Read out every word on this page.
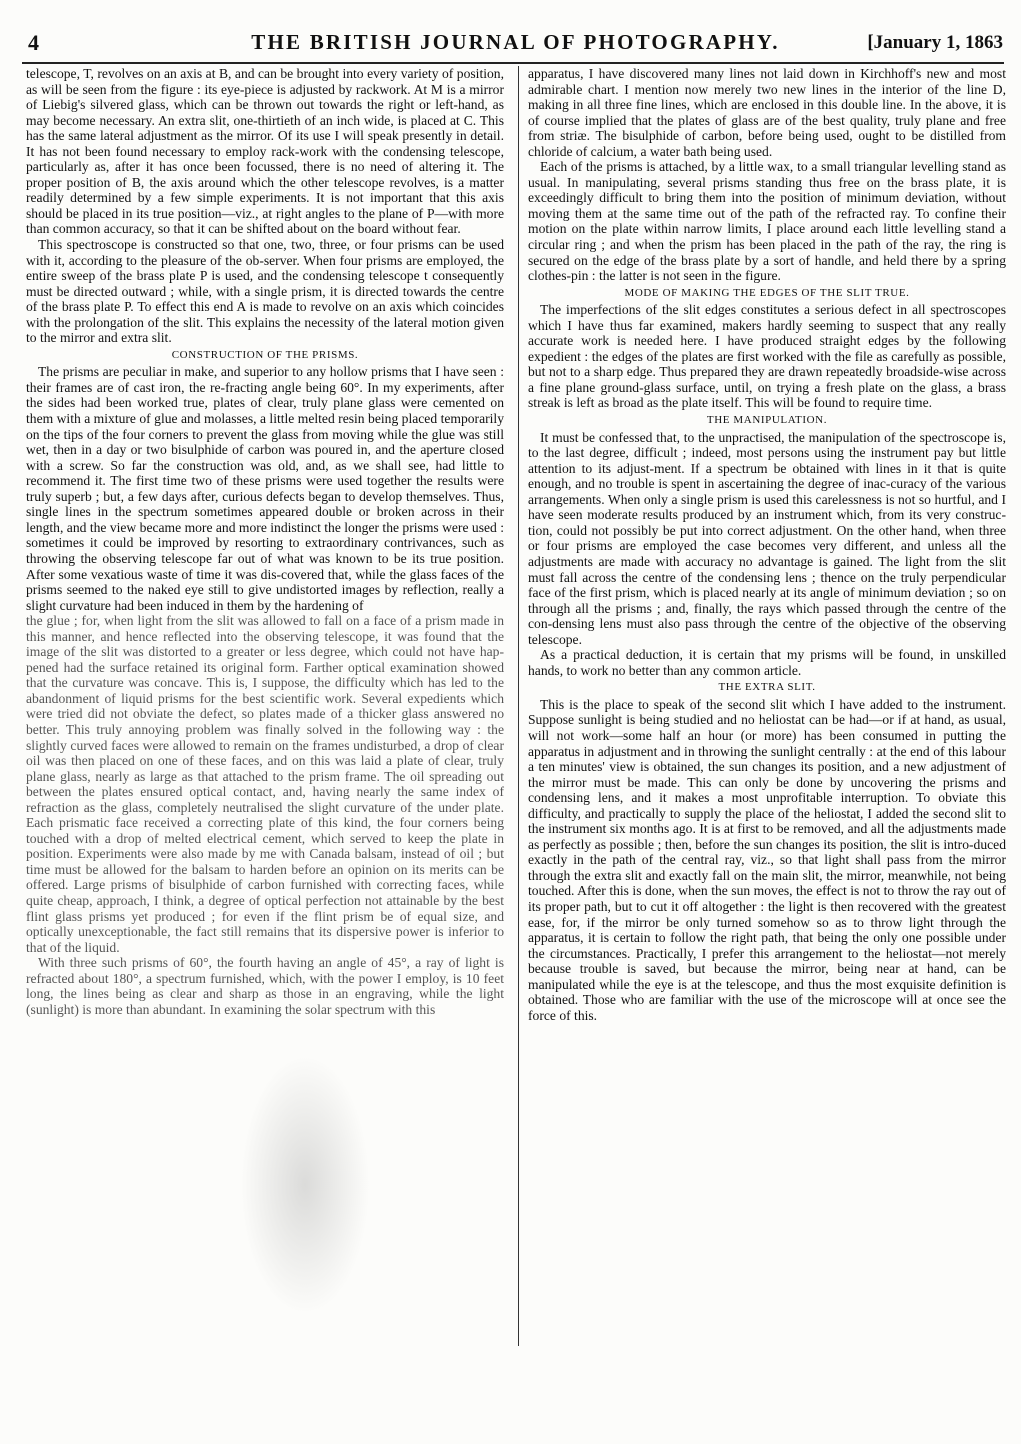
4	THE BRITISH JOURNAL OF PHOTOGRAPHY.	[January 1, 1863

telescope, T, revolves on an axis at B, and can be brought into every variety of position, as will be seen from the figure : its eye-piece is adjusted by rackwork. At M is a mirror of Liebig's silvered glass, which can be thrown out towards the right or left-hand, as may become necessary. An extra slit, one-thirtieth of an inch wide, is placed at C. This has the same lateral adjustment as the mirror. Of its use I will speak presently in detail. It has not been found necessary to employ rack-work with the condensing telescope, particularly as, after it has once been focussed, there is no need of altering it. The proper position of B, the axis around which the other telescope revolves, is a matter readily determined by a few simple experiments. It is not important that this axis should be placed in its true position—viz., at right angles to the plane of P—with more than common accuracy, so that it can be shifted about on the board without fear.

This spectroscope is constructed so that one, two, three, or four prisms can be used with it, according to the pleasure of the ob-server. When four prisms are employed, the entire sweep of the brass plate P is used, and the condensing telescope t consequently must be directed outward ; while, with a single prism, it is directed towards the centre of the brass plate P. To effect this end A is made to revolve on an axis which coincides with the prolongation of the slit. This explains the necessity of the lateral motion given to the mirror and extra slit.

CONSTRUCTION OF THE PRISMS.

The prisms are peculiar in make, and superior to any hollow prisms that I have seen : their frames are of cast iron, the re-fracting angle being 60°. In my experiments, after the sides had been worked true, plates of clear, truly plane glass were cemented on them with a mixture of glue and molasses, a little melted resin being placed temporarily on the tips of the four corners to prevent the glass from moving while the glue was still wet, then in a day or two bisulphide of carbon was poured in, and the aperture closed with a screw. So far the construction was old, and, as we shall see, had little to recommend it. The first time two of these prisms were used together the results were truly superb ; but, a few days after, curious defects began to develop themselves. Thus, single lines in the spectrum sometimes appeared double or broken across in their length, and the view became more and more indistinct the longer the prisms were used : sometimes it could be improved by resorting to extraordinary contrivances, such as throwing the observing telescope far out of what was known to be its true position. After some vexatious waste of time it was dis-covered that, while the glass faces of the prisms seemed to the naked eye still to give undistorted images by reflection, really a slight curvature had been induced in them by the hardening of

the glue ; for, when light from the slit was allowed to fall on a face of a prism made in this manner, and hence reflected into the observing telescope, it was found that the image of the slit was distorted to a greater or less degree, which could not have hap-pened had the surface retained its original form. Farther optical examination showed that the curvature was concave. This is, I suppose, the difficulty which has led to the abandonment of liquid prisms for the best scientific work. Several expedients which were tried did not obviate the defect, so plates made of a thicker glass answered no better. This truly annoying problem was finally solved in the following way : the slightly curved faces were allowed to remain on the frames undisturbed, a drop of clear oil was then placed on one of these faces, and on this was laid a plate of clear, truly plane glass, nearly as large as that attached to the prism frame. The oil spreading out between the plates ensured optical contact, and, having nearly the same index of refraction as the glass, completely neutralised the slight curvature of the under plate. Each prismatic face received a correcting plate of this kind, the four corners being touched with a drop of melted electrical cement, which served to keep the plate in position. Experiments were also made by me with Canada balsam, instead of oil ; but time must be allowed for the balsam to harden before an opinion on its merits can be offered. Large prisms of bisulphide of carbon furnished with correcting faces, while quite cheap, approach, I think, a degree of optical perfection not attainable by the best flint glass prisms yet produced ; for even if the flint prism be of equal size, and optically unexceptionable, the fact still remains that its dispersive power is inferior to that of the liquid.

With three such prisms of 60°, the fourth having an angle of 45°, a ray of light is refracted about 180°, a spectrum furnished, which, with the power I employ, is 10 feet long, the lines being as clear and sharp as those in an engraving, while the light (sunlight) is more than abundant. In examining the solar spectrum with this

apparatus, I have discovered many lines not laid down in Kirchhoff's new and most admirable chart. I mention now merely two new lines in the interior of the line D, making in all three fine lines, which are enclosed in this double line. In the above, it is of course implied that the plates of glass are of the best quality, truly plane and free from striæ. The bisulphide of carbon, before being used, ought to be distilled from chloride of calcium, a water bath being used.

Each of the prisms is attached, by a little wax, to a small triangular levelling stand as usual. In manipulating, several prisms standing thus free on the brass plate, it is exceedingly difficult to bring them into the position of minimum deviation, without moving them at the same time out of the path of the refracted ray. To confine their motion on the plate within narrow limits, I place around each little levelling stand a circular ring ; and when the prism has been placed in the path of the ray, the ring is secured on the edge of the brass plate by a sort of handle, and held there by a spring clothes-pin : the latter is not seen in the figure.

MODE OF MAKING THE EDGES OF THE SLIT TRUE.

The imperfections of the slit edges constitutes a serious defect in all spectroscopes which I have thus far examined, makers hardly seeming to suspect that any really accurate work is needed here. I have produced straight edges by the following expedient : the edges of the plates are first worked with the file as carefully as possible, but not to a sharp edge. Thus prepared they are drawn repeatedly broadside-wise across a fine plane ground-glass surface, until, on trying a fresh plate on the glass, a brass streak is left as broad as the plate itself. This will be found to require time.

THE MANIPULATION.

It must be confessed that, to the unpractised, the manipulation of the spectroscope is, to the last degree, difficult ; indeed, most persons using the instrument pay but little attention to its adjust-ment. If a spectrum be obtained with lines in it that is quite enough, and no trouble is spent in ascertaining the degree of inac-curacy of the various arrangements. When only a single prism is used this carelessness is not so hurtful, and I have seen moderate results produced by an instrument which, from its very construc-tion, could not possibly be put into correct adjustment. On the other hand, when three or four prisms are employed the case becomes very different, and unless all the adjustments are made with accuracy no advantage is gained. The light from the slit must fall across the centre of the condensing lens ; thence on the truly perpendicular face of the first prism, which is placed nearly at its angle of minimum deviation ; so on through all the prisms ; and, finally, the rays which passed through the centre of the con-densing lens must also pass through the centre of the objective of the observing telescope.

As a practical deduction, it is certain that my prisms will be found, in unskilled hands, to work no better than any common article.

THE EXTRA SLIT.

This is the place to speak of the second slit which I have added to the instrument. Suppose sunlight is being studied and no heliostat can be had—or if at hand, as usual, will not work—some half an hour (or more) has been consumed in putting the apparatus in adjustment and in throwing the sunlight centrally : at the end of this labour a ten minutes' view is obtained, the sun changes its position, and a new adjustment of the mirror must be made. This can only be done by uncovering the prisms and condensing lens, and it makes a most unprofitable interruption. To obviate this difficulty, and practically to supply the place of the heliostat, I added the second slit to the instrument six months ago. It is at first to be removed, and all the adjustments made as perfectly as possible ; then, before the sun changes its position, the slit is intro-duced exactly in the path of the central ray, viz., so that light shall pass from the mirror through the extra slit and exactly fall on the main slit, the mirror, meanwhile, not being touched. After this is done, when the sun moves, the effect is not to throw the ray out of its proper path, but to cut it off altogether : the light is then recovered with the greatest ease, for, if the mirror be only turned somehow so as to throw light through the apparatus, it is certain to follow the right path, that being the only one possible under the circumstances. Practically, I prefer this arrangement to the heliostat—not merely because trouble is saved, but because the mirror, being near at hand, can be manipulated while the eye is at the telescope, and thus the most exquisite definition is obtained. Those who are familiar with the use of the microscope will at once see the force of this.
